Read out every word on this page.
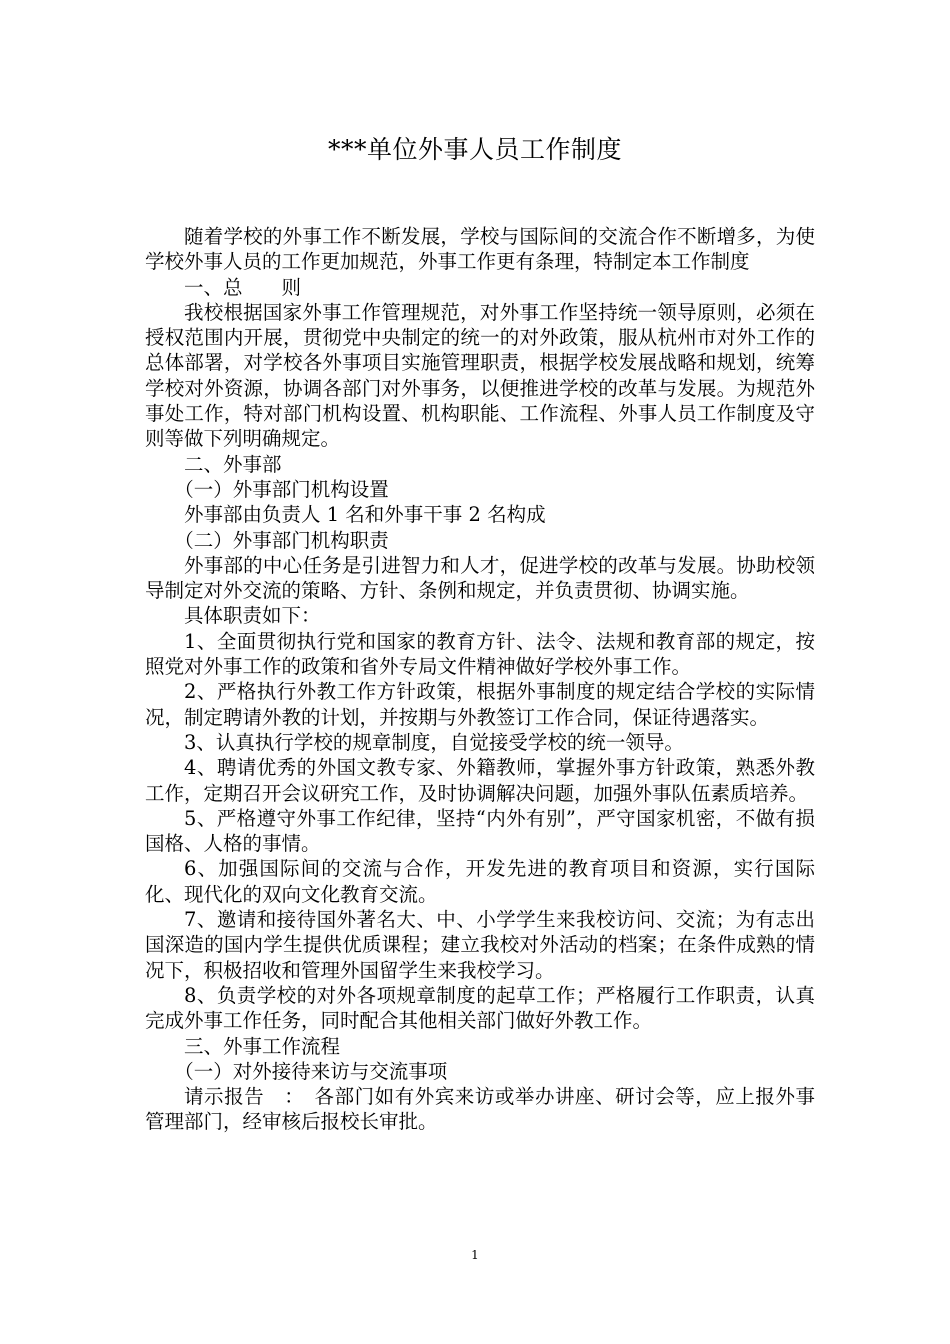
***单位外事人员工作制度

随着学校的外事工作不断发展，学校与国际间的交流合作不断增多，为使学校外事人员的工作更加规范，外事工作更有条理，特制定本工作制度

一、总　　则

我校根据国家外事工作管理规范，对外事工作坚持统一领导原则，必须在授权范围内开展，贯彻党中央制定的统一的对外政策，服从杭州市对外工作的总体部署，对学校各外事项目实施管理职责，根据学校发展战略和规划，统筹学校对外资源，协调各部门对外事务，以便推进学校的改革与发展。为规范外事处工作，特对部门机构设置、机构职能、工作流程、外事人员工作制度及守则等做下列明确规定。

二、外事部

（一）外事部门机构设置

外事部由负责人 1 名和外事干事 2 名构成

（二）外事部门机构职责

外事部的中心任务是引进智力和人才，促进学校的改革与发展。协助校领导制定对外交流的策略、方针、条例和规定，并负责贯彻、协调实施。

具体职责如下：

1、全面贯彻执行党和国家的教育方针、法令、法规和教育部的规定，按照党对外事工作的政策和省外专局文件精神做好学校外事工作。

2、严格执行外教工作方针政策，根据外事制度的规定结合学校的实际情况，制定聘请外教的计划，并按期与外教签订工作合同，保证待遇落实。

3、认真执行学校的规章制度，自觉接受学校的统一领导。

4、聘请优秀的外国文教专家、外籍教师，掌握外事方针政策，熟悉外教工作，定期召开会议研究工作，及时协调解决问题，加强外事队伍素质培养。

5、严格遵守外事工作纪律，坚持“内外有别”，严守国家机密，不做有损国格、人格的事情。

6、加强国际间的交流与合作，开发先进的教育项目和资源，实行国际化、现代化的双向文化教育交流。

7、邀请和接待国外著名大、中、小学学生来我校访问、交流；为有志出国深造的国内学生提供优质课程；建立我校对外活动的档案；在条件成熟的情况下，积极招收和管理外国留学生来我校学习。

8、负责学校的对外各项规章制度的起草工作；严格履行工作职责，认真完成外事工作任务，同时配合其他相关部门做好外教工作。

三、外事工作流程

（一）对外接待来访与交流事项

请示报告　：　各部门如有外宾来访或举办讲座、研讨会等，应上报外事管理部门，经审核后报校长审批。

1
